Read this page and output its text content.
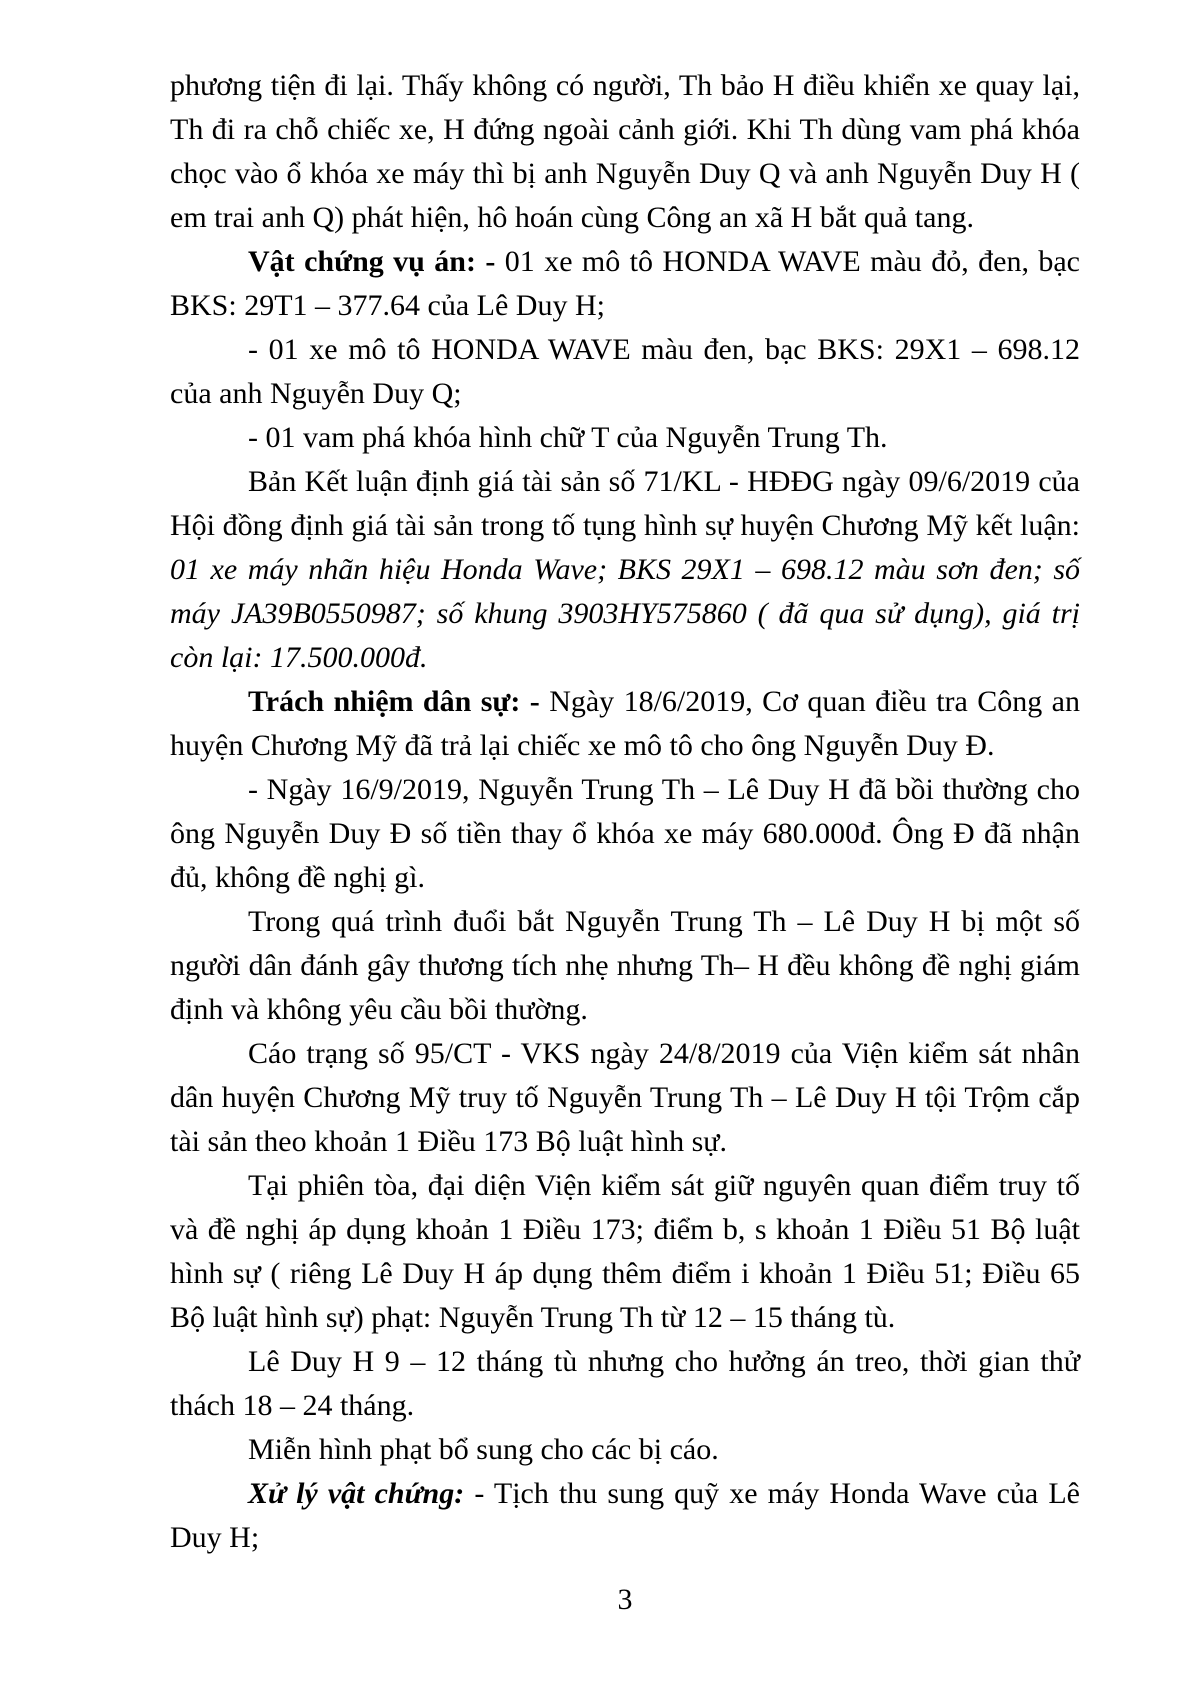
phương tiện đi lại. Thấy không có người, Th bảo H điều khiển xe quay lại, Th đi ra chỗ chiếc xe, H đứng ngoài cảnh giới. Khi Th dùng vam phá khóa chọc vào ổ khóa xe máy thì bị anh Nguyễn Duy Q và anh Nguyễn Duy H ( em trai anh Q) phát hiện, hô hoán cùng Công an xã H bắt quả tang.

Vật chứng vụ án: - 01 xe mô tô HONDA WAVE màu đỏ, đen, bạc BKS: 29T1 – 377.64 của Lê Duy H;

- 01 xe mô tô HONDA WAVE màu đen, bạc BKS: 29X1 – 698.12 của anh Nguyễn Duy Q;

- 01 vam phá khóa hình chữ T của Nguyễn Trung Th.

Bản Kết luận định giá tài sản số 71/KL - HĐĐG ngày 09/6/2019 của Hội đồng định giá tài sản trong tố tụng hình sự huyện Chương Mỹ kết luận: 01 xe máy nhãn hiệu Honda Wave; BKS 29X1 – 698.12 màu sơn đen; số máy JA39B0550987; số khung 3903HY575860 ( đã qua sử dụng), giá trị còn lại: 17.500.000đ.

Trách nhiệm dân sự: - Ngày 18/6/2019, Cơ quan điều tra Công an huyện Chương Mỹ đã trả lại chiếc xe mô tô cho ông Nguyễn Duy Đ.

- Ngày 16/9/2019, Nguyễn Trung Th – Lê Duy H đã bồi thường cho ông Nguyễn Duy Đ số tiền thay ổ khóa xe máy 680.000đ. Ông Đ đã nhận đủ, không đề nghị gì.

Trong quá trình đuổi bắt Nguyễn Trung Th – Lê Duy H bị một số người dân đánh gây thương tích nhẹ nhưng Th– H đều không đề nghị giám định và không yêu cầu bồi thường.

Cáo trạng số 95/CT - VKS ngày 24/8/2019 của Viện kiểm sát nhân dân huyện Chương Mỹ truy tố Nguyễn Trung Th – Lê Duy H tội Trộm cắp tài sản theo khoản 1 Điều 173 Bộ luật hình sự.

Tại phiên tòa, đại diện Viện kiểm sát giữ nguyên quan điểm truy tố và đề nghị áp dụng khoản 1 Điều 173; điểm b, s khoản 1 Điều 51 Bộ luật hình sự ( riêng Lê Duy H áp dụng thêm điểm i khoản 1 Điều 51; Điều 65 Bộ luật hình sự) phạt: Nguyễn Trung Th từ 12 – 15 tháng tù.

Lê Duy H 9 – 12 tháng tù nhưng cho hưởng án treo, thời gian thử thách 18 – 24 tháng.

Miễn hình phạt bổ sung cho các bị cáo.

Xử lý vật chứng: - Tịch thu sung quỹ xe máy Honda Wave của Lê Duy H;

3
